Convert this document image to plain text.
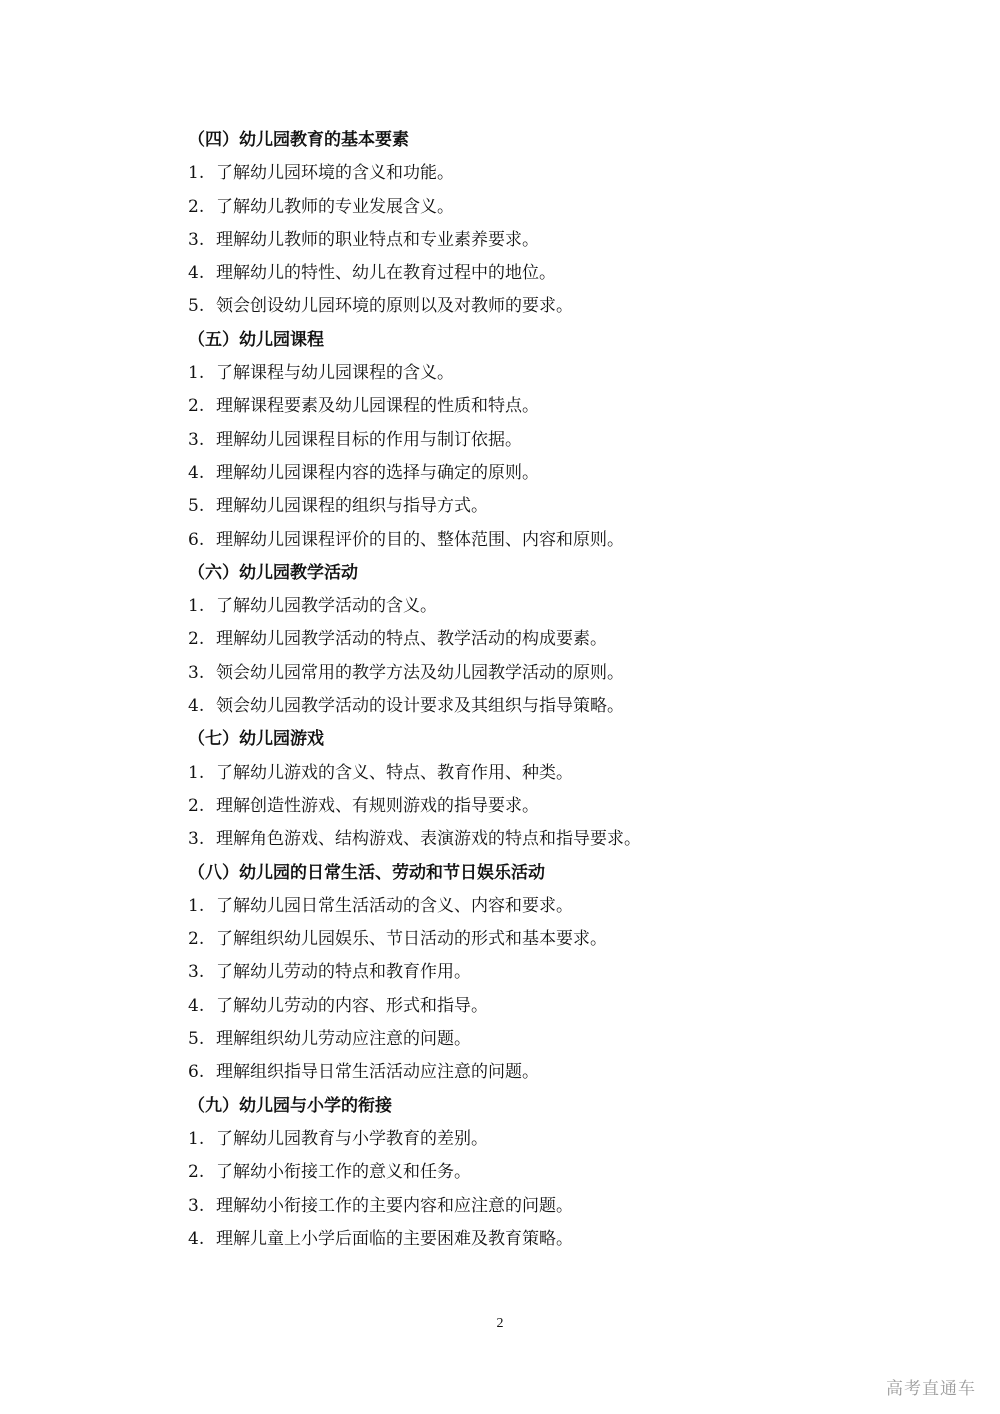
（四）幼儿园教育的基本要素
1. 了解幼儿园环境的含义和功能。
2. 了解幼儿教师的专业发展含义。
3. 理解幼儿教师的职业特点和专业素养要求。
4. 理解幼儿的特性、幼儿在教育过程中的地位。
5. 领会创设幼儿园环境的原则以及对教师的要求。
（五）幼儿园课程
1. 了解课程与幼儿园课程的含义。
2. 理解课程要素及幼儿园课程的性质和特点。
3. 理解幼儿园课程目标的作用与制订依据。
4. 理解幼儿园课程内容的选择与确定的原则。
5. 理解幼儿园课程的组织与指导方式。
6. 理解幼儿园课程评价的目的、整体范围、内容和原则。
（六）幼儿园教学活动
1. 了解幼儿园教学活动的含义。
2. 理解幼儿园教学活动的特点、教学活动的构成要素。
3. 领会幼儿园常用的教学方法及幼儿园教学活动的原则。
4. 领会幼儿园教学活动的设计要求及其组织与指导策略。
（七）幼儿园游戏
1. 了解幼儿游戏的含义、特点、教育作用、种类。
2. 理解创造性游戏、有规则游戏的指导要求。
3. 理解角色游戏、结构游戏、表演游戏的特点和指导要求。
（八）幼儿园的日常生活、劳动和节日娱乐活动
1. 了解幼儿园日常生活活动的含义、内容和要求。
2. 了解组织幼儿园娱乐、节日活动的形式和基本要求。
3. 了解幼儿劳动的特点和教育作用。
4. 了解幼儿劳动的内容、形式和指导。
5. 理解组织幼儿劳动应注意的问题。
6. 理解组织指导日常生活活动应注意的问题。
（九）幼儿园与小学的衔接
1. 了解幼儿园教育与小学教育的差别。
2. 了解幼小衔接工作的意义和任务。
3. 理解幼小衔接工作的主要内容和应注意的问题。
4. 理解儿童上小学后面临的主要困难及教育策略。
2
高考直通车
